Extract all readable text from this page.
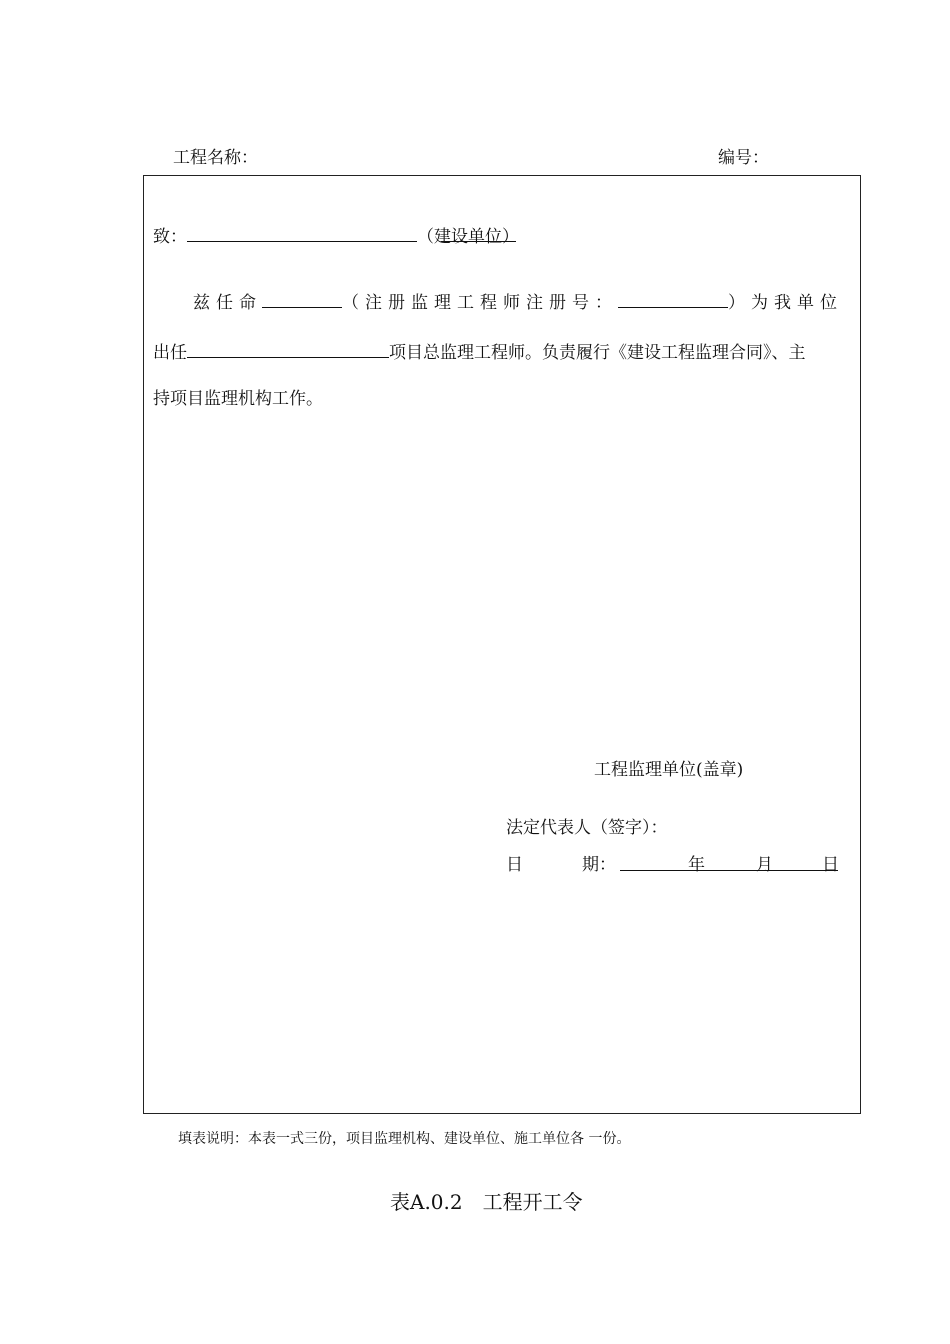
工程名称：	编号：
致：	（建设单位）
兹任命	（注册监理工程师注册号：	）为我单位
出任	项目总监理工程师。负责履行《建设工程监理合同》、主
持项目监理机构工作。
工程监理单位(盖章)
法定代表人（签字）：
日	期：	年	月	日
填表说明：本表一式三份，项目监理机构、建设单位、施工单位各 一份。
表A.0.2　工程开工令
